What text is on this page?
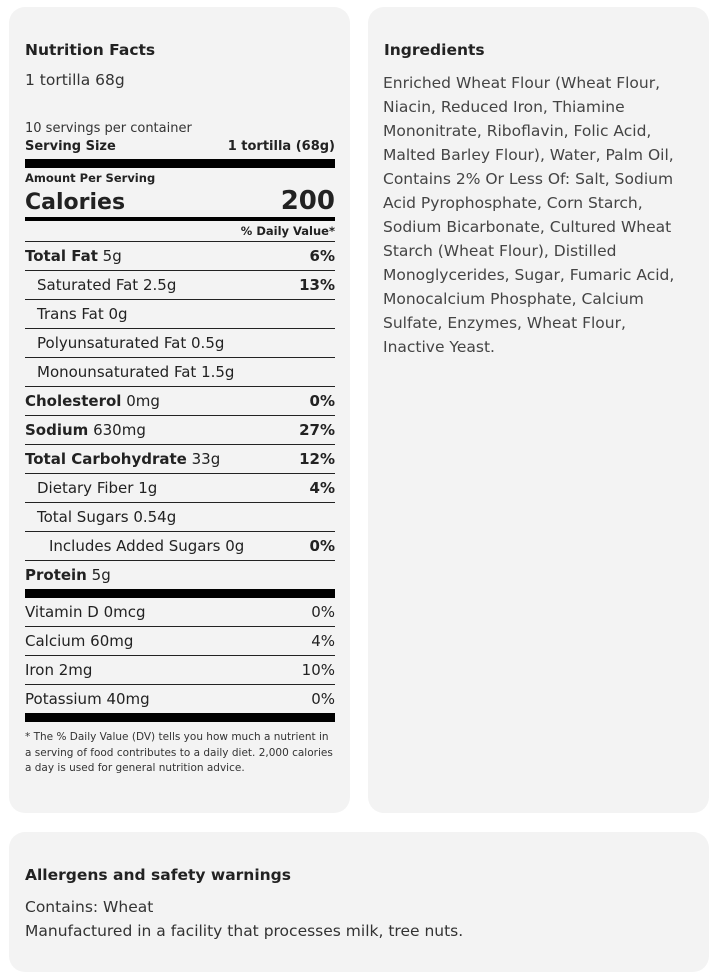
Nutrition Facts
1 tortilla 68g
10 servings per container
Serving Size	1 tortilla (68g)
Amount Per Serving
Calories	200
% Daily Value*
Total Fat 5g	6%
Saturated Fat 2.5g	13%
Trans Fat 0g
Polyunsaturated Fat 0.5g
Monounsaturated Fat 1.5g
Cholesterol 0mg	0%
Sodium 630mg	27%
Total Carbohydrate 33g	12%
Dietary Fiber 1g	4%
Total Sugars 0.54g
Includes Added Sugars 0g	0%
Protein 5g
Vitamin D 0mcg	0%
Calcium 60mg	4%
Iron 2mg	10%
Potassium 40mg	0%
* The % Daily Value (DV) tells you how much a nutrient in a serving of food contributes to a daily diet. 2,000 calories a day is used for general nutrition advice.
Ingredients
Enriched Wheat Flour (Wheat Flour, Niacin, Reduced Iron, Thiamine Mononitrate, Riboflavin, Folic Acid, Malted Barley Flour), Water, Palm Oil, Contains 2% Or Less Of: Salt, Sodium Acid Pyrophosphate, Corn Starch, Sodium Bicarbonate, Cultured Wheat Starch (Wheat Flour), Distilled Monoglycerides, Sugar, Fumaric Acid, Monocalcium Phosphate, Calcium Sulfate, Enzymes, Wheat Flour, Inactive Yeast.
Allergens and safety warnings
Contains: Wheat
Manufactured in a facility that processes milk, tree nuts.
